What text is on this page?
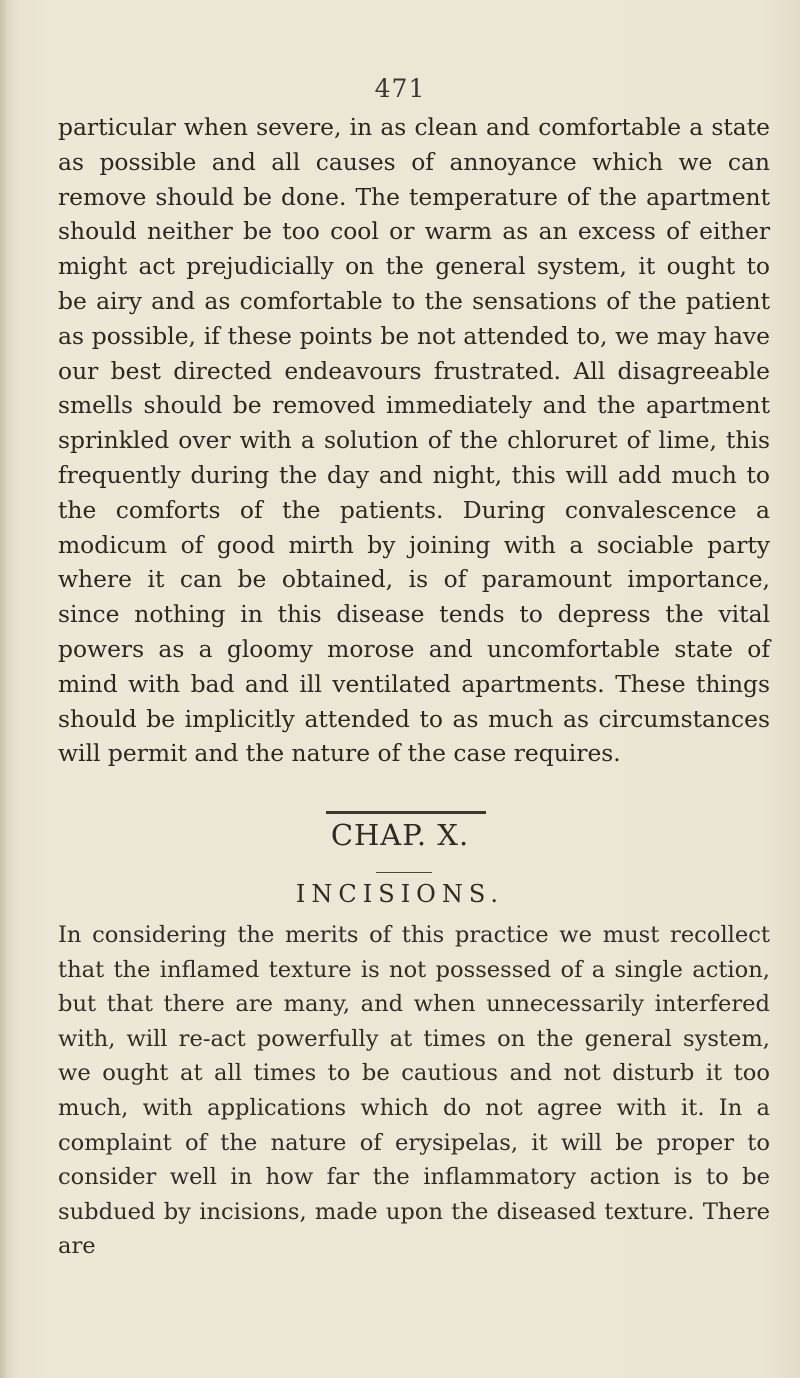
471

particular when severe, in as clean and comfortable a state as possible and all causes of annoyance which we can remove should be done. The temperature of the apartment should neither be too cool or warm as an excess of either might act prejudicially on the general system, it ought to be airy and as comfortable to the sensations of the patient as possible, if these points be not attended to, we may have our best directed endeavours frustrated. All disagreeable smells should be removed immediately and the apartment sprinkled over with a solution of the chloruret of lime, this frequently during the day and night, this will add much to the comforts of the patients. During convalescence a modicum of good mirth by joining with a sociable party where it can be obtained, is of paramount importance, since nothing in this disease tends to depress the vital powers as a gloomy morose and uncomfortable state of mind with bad and ill ventilated apartments. These things should be implicitly attended to as much as circumstances will permit and the nature of the case requires.

CHAP. X.
INCISIONS.

In considering the merits of this practice we must recollect that the inflamed texture is not possessed of a single action, but that there are many, and when unnecessarily interfered with, will re-act powerfully at times on the general system, we ought at all times to be cautious and not disturb it too much, with applications which do not agree with it. In a complaint of the nature of erysipelas, it will be proper to consider well in how far the inflammatory action is to be subdued by incisions, made upon the diseased texture. There are
